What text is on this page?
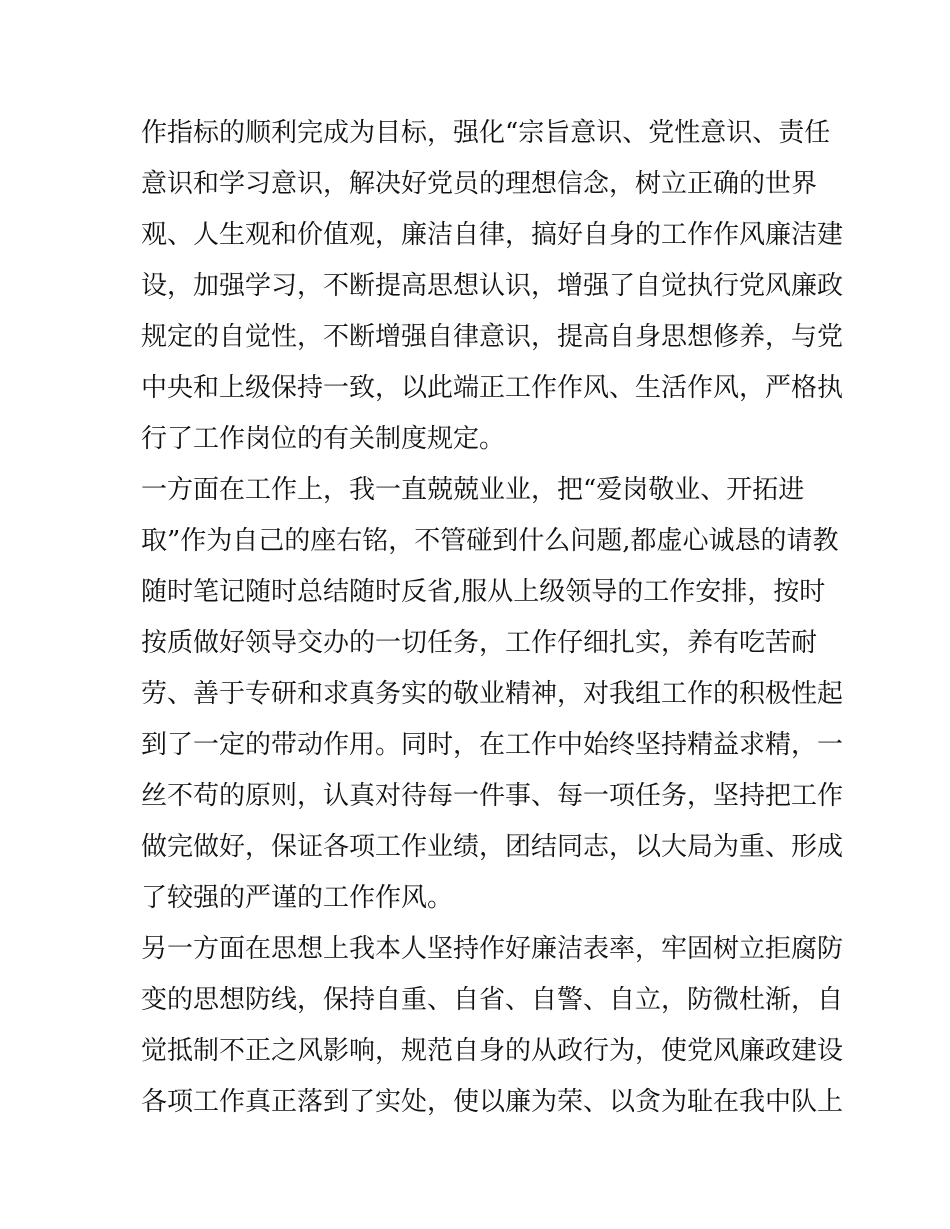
作指标的顺利完成为目标，强化“宗旨意识、党性意识、责任
意识和学习意识，解决好党员的理想信念，树立正确的世界
观、人生观和价值观，廉洁自律，搞好自身的工作作风廉洁建
设，加强学习，不断提高思想认识，增强了自觉执行党风廉政
规定的自觉性，不断增强自律意识，提高自身思想修养，与党
中央和上级保持一致，以此端正工作作风、生活作风，严格执
行了工作岗位的有关制度规定。
一方面在工作上，我一直兢兢业业，把“爱岗敬业、开拓进
取”作为自己的座右铭，不管碰到什么问题,都虚心诚恳的请教
随时笔记随时总结随时反省,服从上级领导的工作安排，按时
按质做好领导交办的一切任务，工作仔细扎实，养有吃苦耐
劳、善于专研和求真务实的敬业精神，对我组工作的积极性起
到了一定的带动作用。同时，在工作中始终坚持精益求精，一
丝不苟的原则，认真对待每一件事、每一项任务，坚持把工作
做完做好，保证各项工作业绩，团结同志，以大局为重、形成
了较强的严谨的工作作风。
另一方面在思想上我本人坚持作好廉洁表率，牢固树立拒腐防
变的思想防线，保持自重、自省、自警、自立，防微杜渐，自
觉抵制不正之风影响，规范自身的从政行为，使党风廉政建设
各项工作真正落到了实处，使以廉为荣、以贪为耻在我中队上
